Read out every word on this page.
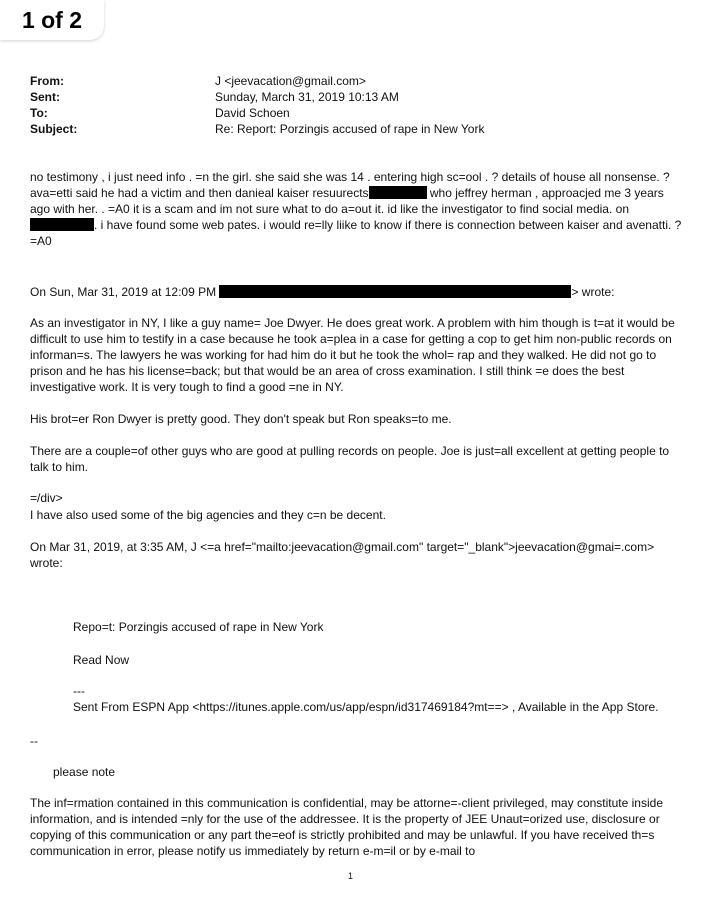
1 of 2
From:	J <jeevacation@gmail.com>
Sent:	Sunday, March 31, 2019 10:13 AM
To:	David Schoen
Subject:	Re: Report: Porzingis accused of rape in New York

no testimony , i just need info . =n the girl. she said she was 14 . entering high sc=ool . ? details of house all nonsense. ? ava=etti said he had a victim and then danieal kaiser resuurects	who jeffrey herman , approacjed me 3 years ago with her. . =A0 it is a scam and im not sure what to do a=out it. id like the investigator to find social media. on. i have found some web pates. i would re=lly liike to know if there is connection between kaiser and avenatti. ? =A0

On Sun, Mar 31, 2019 at 12:09 PM	> wrote:

As an investigator in NY, I like a guy name= Joe Dwyer. He does great work. A problem with him though is t=at it would be difficult to use him to testify in a case because he took a=plea in a case for getting a cop to get him non-public records on informan=s. The lawyers he was working for had him do it but he took the whol= rap and they walked. He did not go to prison and he has his license=back; but that would be an area of cross examination. I still think =e does the best investigative work. It is very tough to find a good =ne in NY.

His brot=er Ron Dwyer is pretty good. They don't speak but Ron speaks=to me.

There are a couple=of other guys who are good at pulling records on people. Joe is just=all excellent at getting people to talk to him.

=/div>

I have also used some of the big agencies and they c=n be decent.

On Mar 31, 2019, at 3:35 AM, J <=a href="mailto:jeevacation@gmail.com" target="_blank">jeevacation@gmai=.com> wrote:

Repo=t: Porzingis accused of rape in New York

Read Now

---

Sent From ESPN App <https://itunes.apple.com/us/app/espn/id317469184?mt==> , Available in the App Store.

--

please note

The inf=rmation contained in this communication is confidential, may be attorne=-client privileged, may constitute inside information, and is intended =nly for the use of the addressee. It is the property of JEE Unaut=orized use, disclosure or copying of this communication or any part the=eof is strictly prohibited and may be unlawful. If you have received th=s communication in error, please notify us immediately by return e-m=il or by e-mail to

1
